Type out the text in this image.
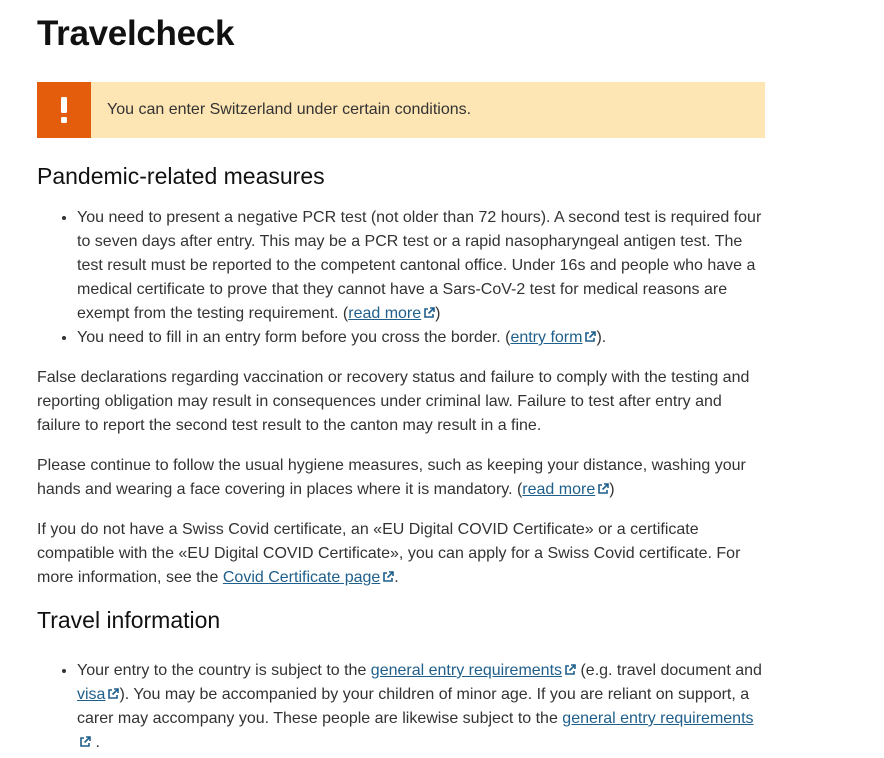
Travelcheck
You can enter Switzerland under certain conditions.
Pandemic-related measures
• You need to present a negative PCR test (not older than 72 hours). A second test is required four to seven days after entry. This may be a PCR test or a rapid nasopharyngeal antigen test. The test result must be reported to the competent cantonal office. Under 16s and people who have a medical certificate to prove that they cannot have a Sars-CoV-2 test for medical reasons are exempt from the testing requirement. (read more )
• You need to fill in an entry form before you cross the border. (entry form ).

False declarations regarding vaccination or recovery status and failure to comply with the testing and reporting obligation may result in consequences under criminal law. Failure to test after entry and failure to report the second test result to the canton may result in a fine.

Please continue to follow the usual hygiene measures, such as keeping your distance, washing your hands and wearing a face covering in places where it is mandatory. (read more )

If you do not have a Swiss Covid certificate, an «EU Digital COVID Certificate» or a certificate compatible with the «EU Digital COVID Certificate», you can apply for a Swiss Covid certificate. For more information, see the Covid Certificate page .

Travel information
• Your entry to the country is subject to the general entry requirements (e.g. travel document and visa ). You may be accompanied by your children of minor age. If you are reliant on support, a carer may accompany you. These people are likewise subject to the general entry requirements .
